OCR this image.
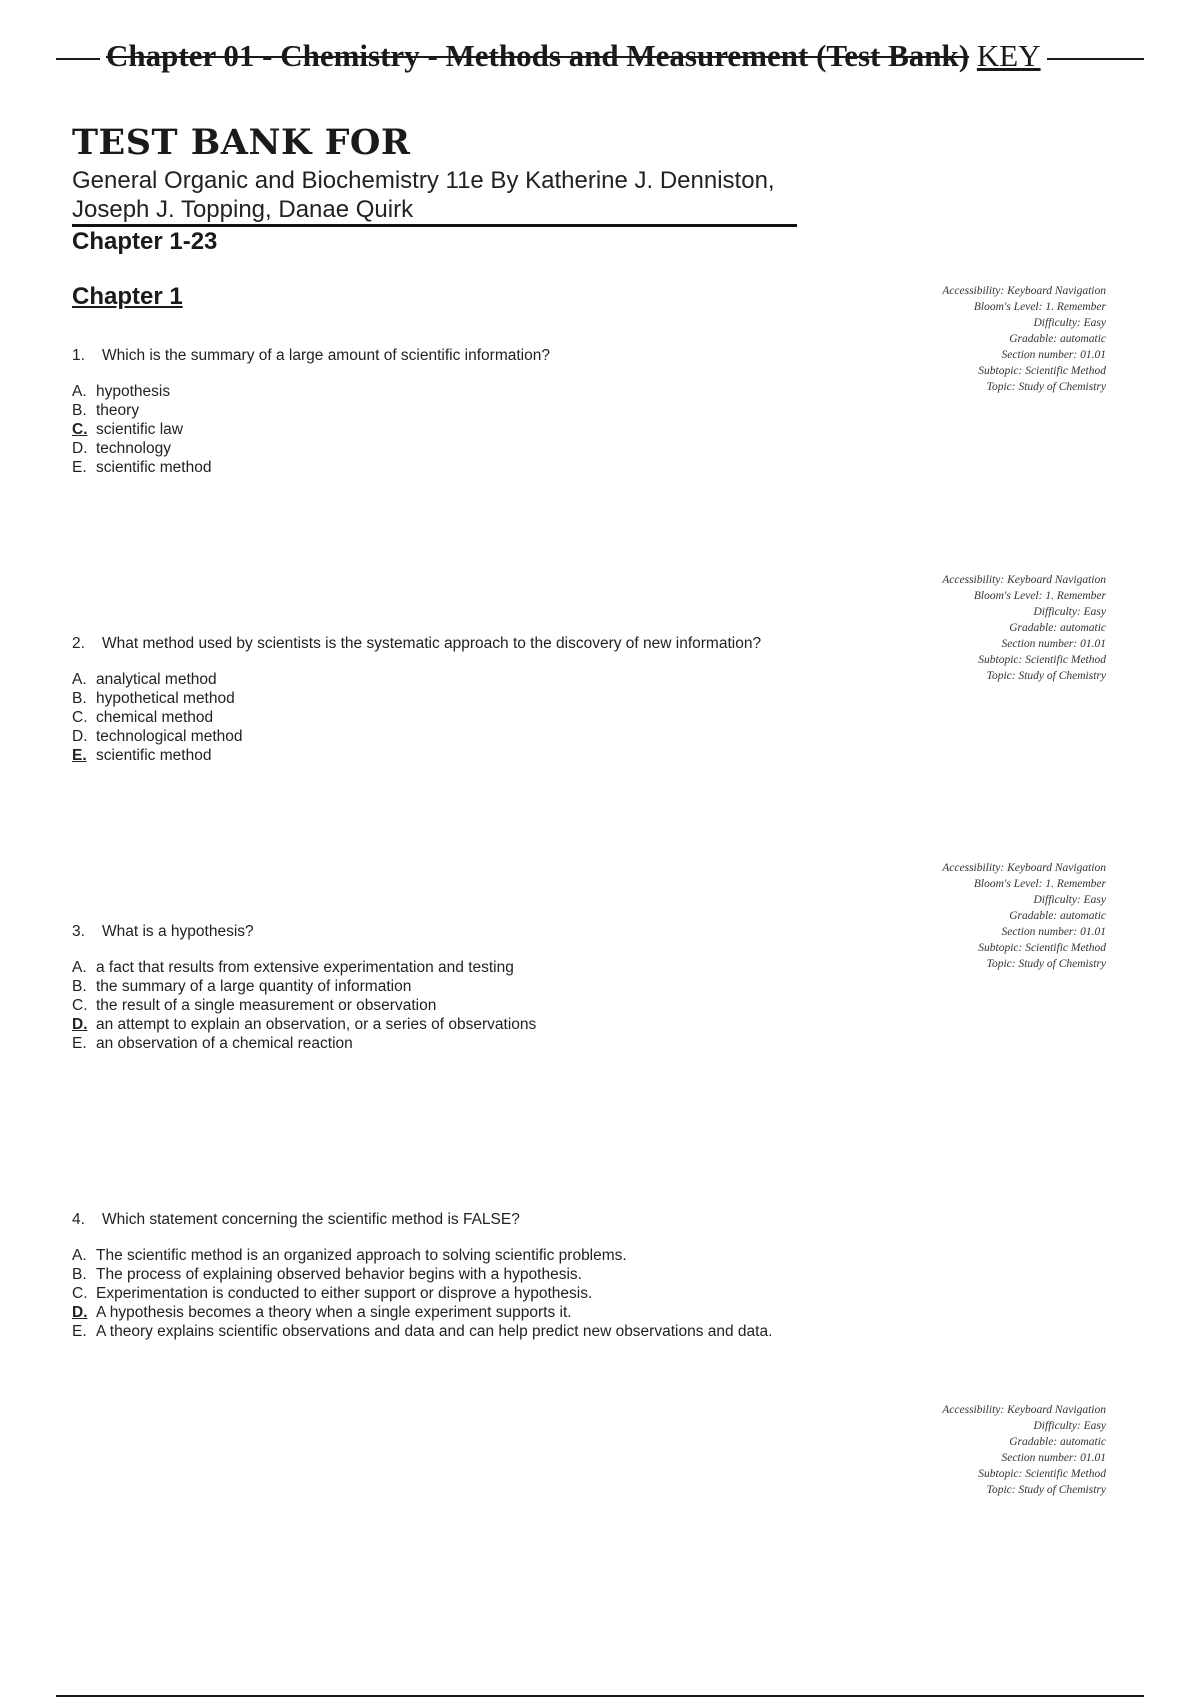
Chapter 01 - Chemistry - Methods and Measurement (Test Bank) KEY
TEST BANK FOR
General Organic and Biochemistry 11e By Katherine J. Denniston,
Joseph J. Topping, Danae Quirk
Chapter 1-23
Chapter 1
1. Which is the summary of a large amount of scientific information?
A. hypothesis
B. theory
C. scientific law
D. technology
E. scientific method
Accessibility: Keyboard Navigation
Bloom's Level: 1. Remember
Difficulty: Easy
Gradable: automatic
Section number: 01.01
Subtopic: Scientific Method
Topic: Study of Chemistry
2. What method used by scientists is the systematic approach to the discovery of new information?
A. analytical method
B. hypothetical method
C. chemical method
D. technological method
E. scientific method
Accessibility: Keyboard Navigation
Bloom's Level: 1. Remember
Difficulty: Easy
Gradable: automatic
Section number: 01.01
Subtopic: Scientific Method
Topic: Study of Chemistry
3. What is a hypothesis?
A. a fact that results from extensive experimentation and testing
B. the summary of a large quantity of information
C. the result of a single measurement or observation
D. an attempt to explain an observation, or a series of observations
E. an observation of a chemical reaction
Accessibility: Keyboard Navigation
Bloom's Level: 1. Remember
Difficulty: Easy
Gradable: automatic
Section number: 01.01
Subtopic: Scientific Method
Topic: Study of Chemistry
4. Which statement concerning the scientific method is FALSE?
A. The scientific method is an organized approach to solving scientific problems.
B. The process of explaining observed behavior begins with a hypothesis.
C. Experimentation is conducted to either support or disprove a hypothesis.
D. A hypothesis becomes a theory when a single experiment supports it.
E. A theory explains scientific observations and data and can help predict new observations and data.
Accessibility: Keyboard Navigation
Difficulty: Easy
Gradable: automatic
Section number: 01.01
Subtopic: Scientific Method
Topic: Study of Chemistry
